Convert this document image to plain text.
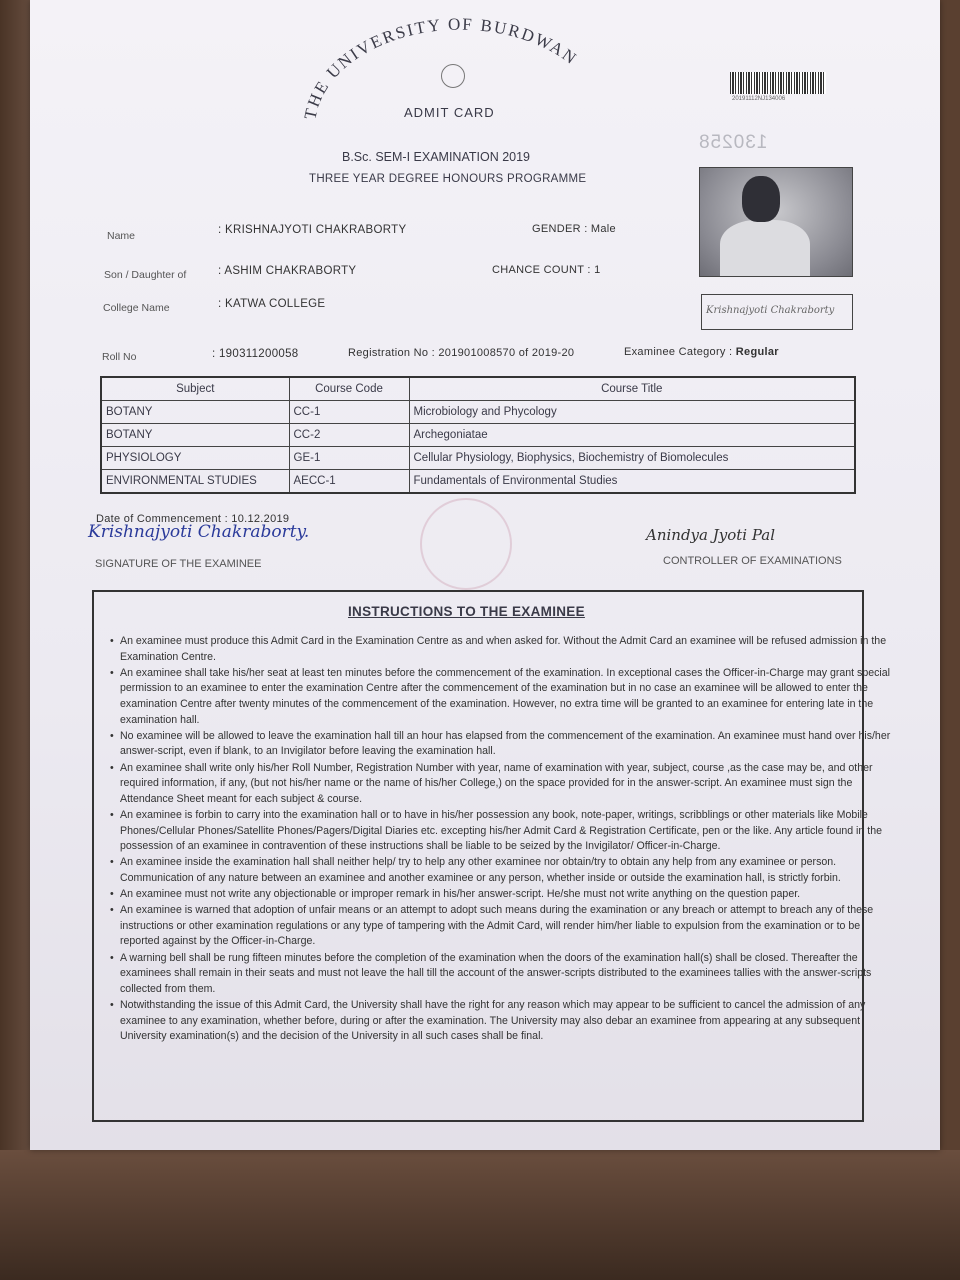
THE UNIVERSITY OF BURDWAN
ADMIT CARD
B.Sc. SEM-I EXAMINATION 2019
THREE YEAR DEGREE HONOURS PROGRAMME
20191112NJ134006
130258
Krishnajyoti Chakraborty
Name	: KRISHNAJYOTI CHAKRABORTY	GENDER : Male
Son / Daughter of	: ASHIM CHAKRABORTY	CHANCE COUNT : 1
College Name	: KATWA COLLEGE
Roll No	: 190311200058	Registration No : 201901008570 of 2019-20	Examinee Category : Regular
Subject	Course Code	Course Title
BOTANY	CC-1	Microbiology and Phycology
BOTANY	CC-2	Archegoniatae
PHYSIOLOGY	GE-1	Cellular Physiology, Biophysics, Biochemistry of Biomolecules
ENVIRONMENTAL STUDIES	AECC-1	Fundamentals of Environmental Studies
Date of Commencement : 10.12.2019
Krishnajyoti Chakraborty.
SIGNATURE OF THE EXAMINEE
Anindya Jyoti Pal
CONTROLLER OF EXAMINATIONS
INSTRUCTIONS TO THE EXAMINEE
• An examinee must produce this Admit Card in the Examination Centre as and when asked for. Without the Admit Card an examinee will be refused admission in the Examination Centre.
• An examinee shall take his/her seat at least ten minutes before the commencement of the examination. In exceptional cases the Officer-in-Charge may grant special permission to an examinee to enter the examination Centre after the commencement of the examination but in no case an examinee will be allowed to enter the examination Centre after twenty minutes of the commencement of the examination. However, no extra time will be granted to an examinee for entering late in the examination hall.
• No examinee will be allowed to leave the examination hall till an hour has elapsed from the commencement of the examination. An examinee must hand over his/her answer-script, even if blank, to an Invigilator before leaving the examination hall.
• An examinee shall write only his/her Roll Number, Registration Number with year, name of examination with year, subject, course ,as the case may be, and other required information, if any, (but not his/her name or the name of his/her College,) on the space provided for in the answer-script. An examinee must sign the Attendance Sheet meant for each subject & course.
• An examinee is forbin to carry into the examination hall or to have in his/her possession any book, note-paper, writings, scribblings or other materials like Mobile Phones/Cellular Phones/Satellite Phones/Pagers/Digital Diaries etc. excepting his/her Admit Card & Registration Certificate, pen or the like. Any article found in the possession of an examinee in contravention of these instructions shall be liable to be seized by the Invigilator/ Officer-in-Charge.
• An examinee inside the examination hall shall neither help/ try to help any other examinee nor obtain/try to obtain any help from any examinee or person. Communication of any nature between an examinee and another examinee or any person, whether inside or outside the examination hall, is strictly forbin.
• An examinee must not write any objectionable or improper remark in his/her answer-script. He/she must not write anything on the question paper.
• An examinee is warned that adoption of unfair means or an attempt to adopt such means during the examination or any breach or attempt to breach any of these instructions or other examination regulations or any type of tampering with the Admit Card, will render him/her liable to expulsion from the examination or to be reported against by the Officer-in-Charge.
• A warning bell shall be rung fifteen minutes before the completion of the examination when the doors of the examination hall(s) shall be closed. Thereafter the examinees shall remain in their seats and must not leave the hall till the account of the answer-scripts distributed to the examinees tallies with the answer-scripts collected from them.
• Notwithstanding the issue of this Admit Card, the University shall have the right for any reason which may appear to be sufficient to cancel the admission of any examinee to any examination, whether before, during or after the examination. The University may also debar an examinee from appearing at any subsequent University examination(s) and the decision of the University in all such cases shall be final.
